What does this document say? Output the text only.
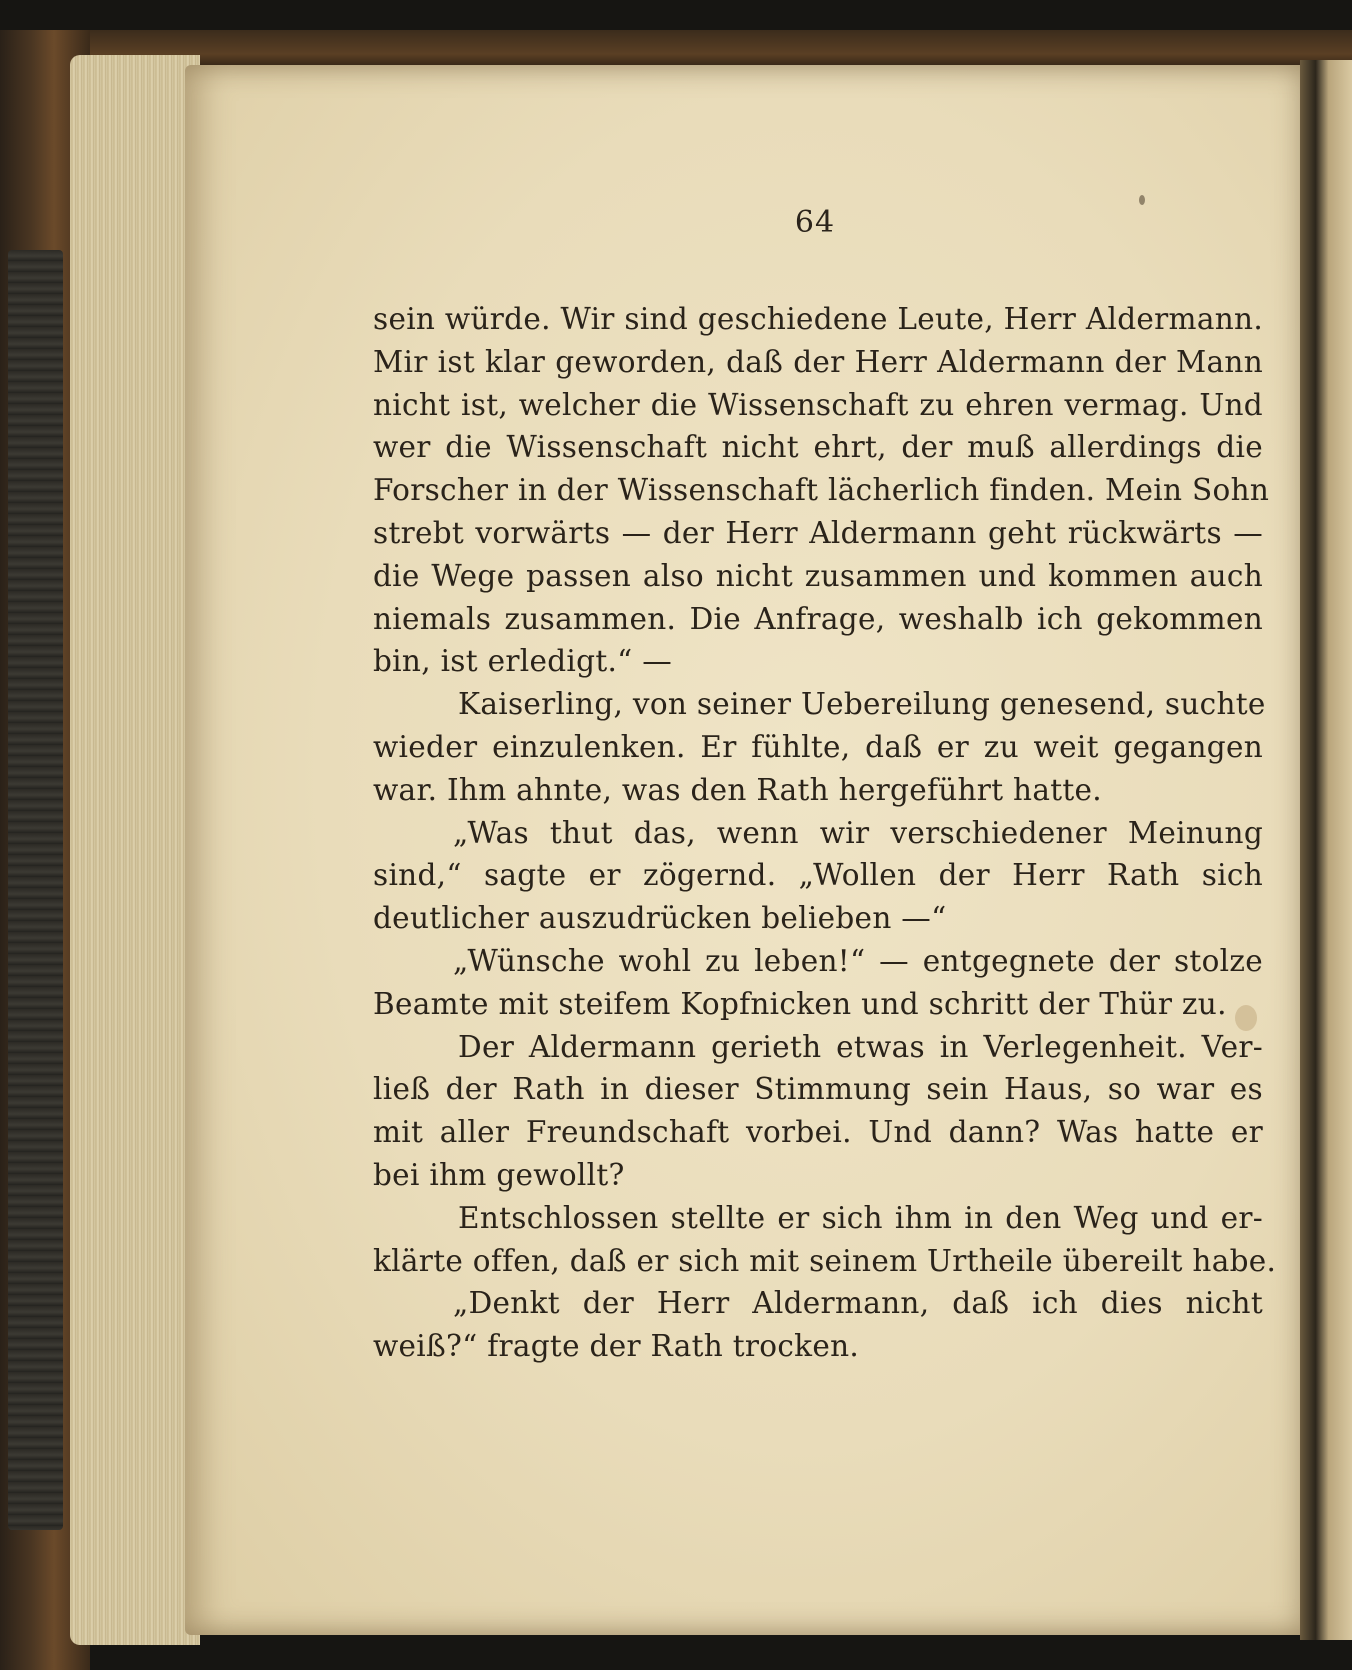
64
sein würde. Wir sind geschiedene Leute, Herr Aldermann.
Mir ist klar geworden, daß der Herr Aldermann der Mann
nicht ist, welcher die Wissenschaft zu ehren vermag. Und
wer die Wissenschaft nicht ehrt, der muß allerdings die
Forscher in der Wissenschaft lächerlich finden. Mein Sohn
strebt vorwärts — der Herr Aldermann geht rückwärts —
die Wege passen also nicht zusammen und kommen auch
niemals zusammen. Die Anfrage, weshalb ich gekommen
bin, ist erledigt.“ —
Kaiserling, von seiner Uebereilung genesend, suchte
wieder einzulenken. Er fühlte, daß er zu weit gegangen
war. Ihm ahnte, was den Rath hergeführt hatte.
„Was thut das, wenn wir verschiedener Meinung
sind,“ sagte er zögernd. „Wollen der Herr Rath sich
deutlicher auszudrücken belieben —“
„Wünsche wohl zu leben!“ — entgegnete der stolze
Beamte mit steifem Kopfnicken und schritt der Thür zu.
Der Aldermann gerieth etwas in Verlegenheit. Ver-
ließ der Rath in dieser Stimmung sein Haus, so war es
mit aller Freundschaft vorbei. Und dann? Was hatte er
bei ihm gewollt?
Entschlossen stellte er sich ihm in den Weg und er-
klärte offen, daß er sich mit seinem Urtheile übereilt habe.
„Denkt der Herr Aldermann, daß ich dies nicht
weiß?“ fragte der Rath trocken.
